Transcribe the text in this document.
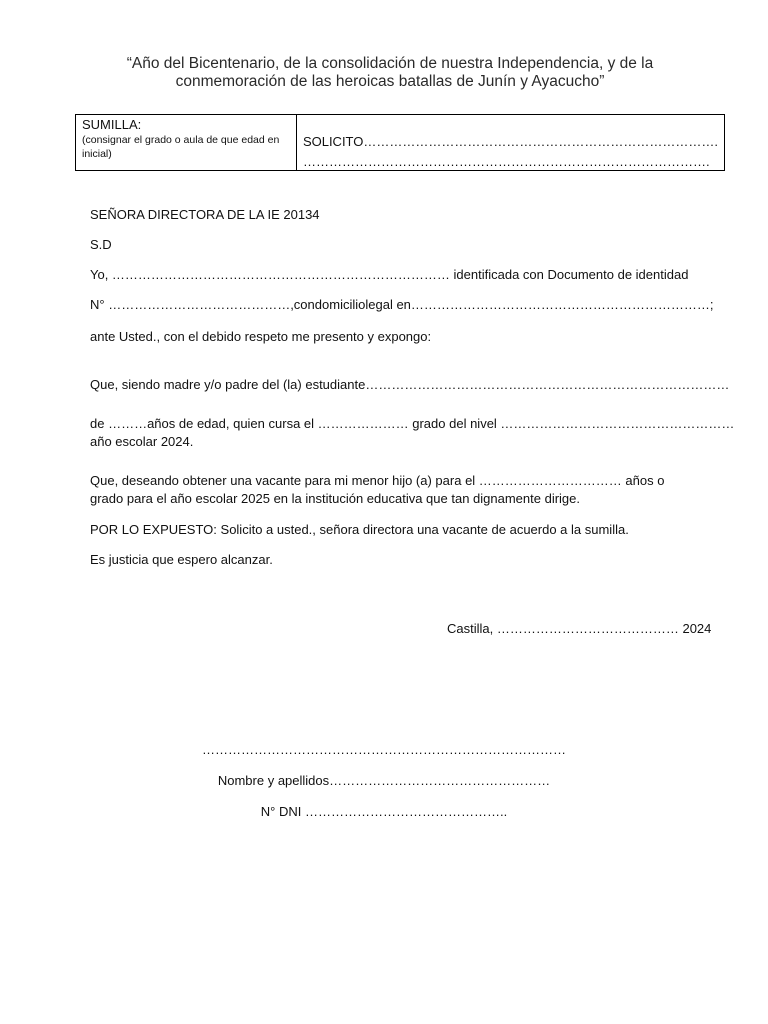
“Año del Bicentenario, de la consolidación de nuestra Independencia, y de la
conmemoración de las heroicas batallas de Junín y Ayacucho”
SUMILLA:
(consignar el grado o aula de que edad en inicial)
SOLICITO……………………………………………………………………….
………………………………………………………………………………….
SEÑORA DIRECTORA DE LA IE 20134
S.D
Yo, …………………………………………………………………… identificada con Documento de identidad
N° ……………………………………,con domicilio legal en……………………………………………………………;
ante Usted., con el debido respeto me presento y expongo:
Que, siendo madre y/o padre del (la) estudiante…………………………………………………………………………
de ………años de edad, quien cursa el ………………… grado del nivel ………………………………………………
año escolar 2024.
Que, deseando obtener una vacante para mi menor hijo (a) para el …………………………… años o
grado para el año escolar 2025 en la institución educativa que tan dignamente dirige.
POR LO EXPUESTO: Solicito a usted., señora directora una vacante de acuerdo a la sumilla.
Es justicia que espero alcanzar.
Castilla, …………………………………… 2024
…………………………………………………………………………
Nombre y apellidos……………………………………………
N° DNI ………………………………………..
